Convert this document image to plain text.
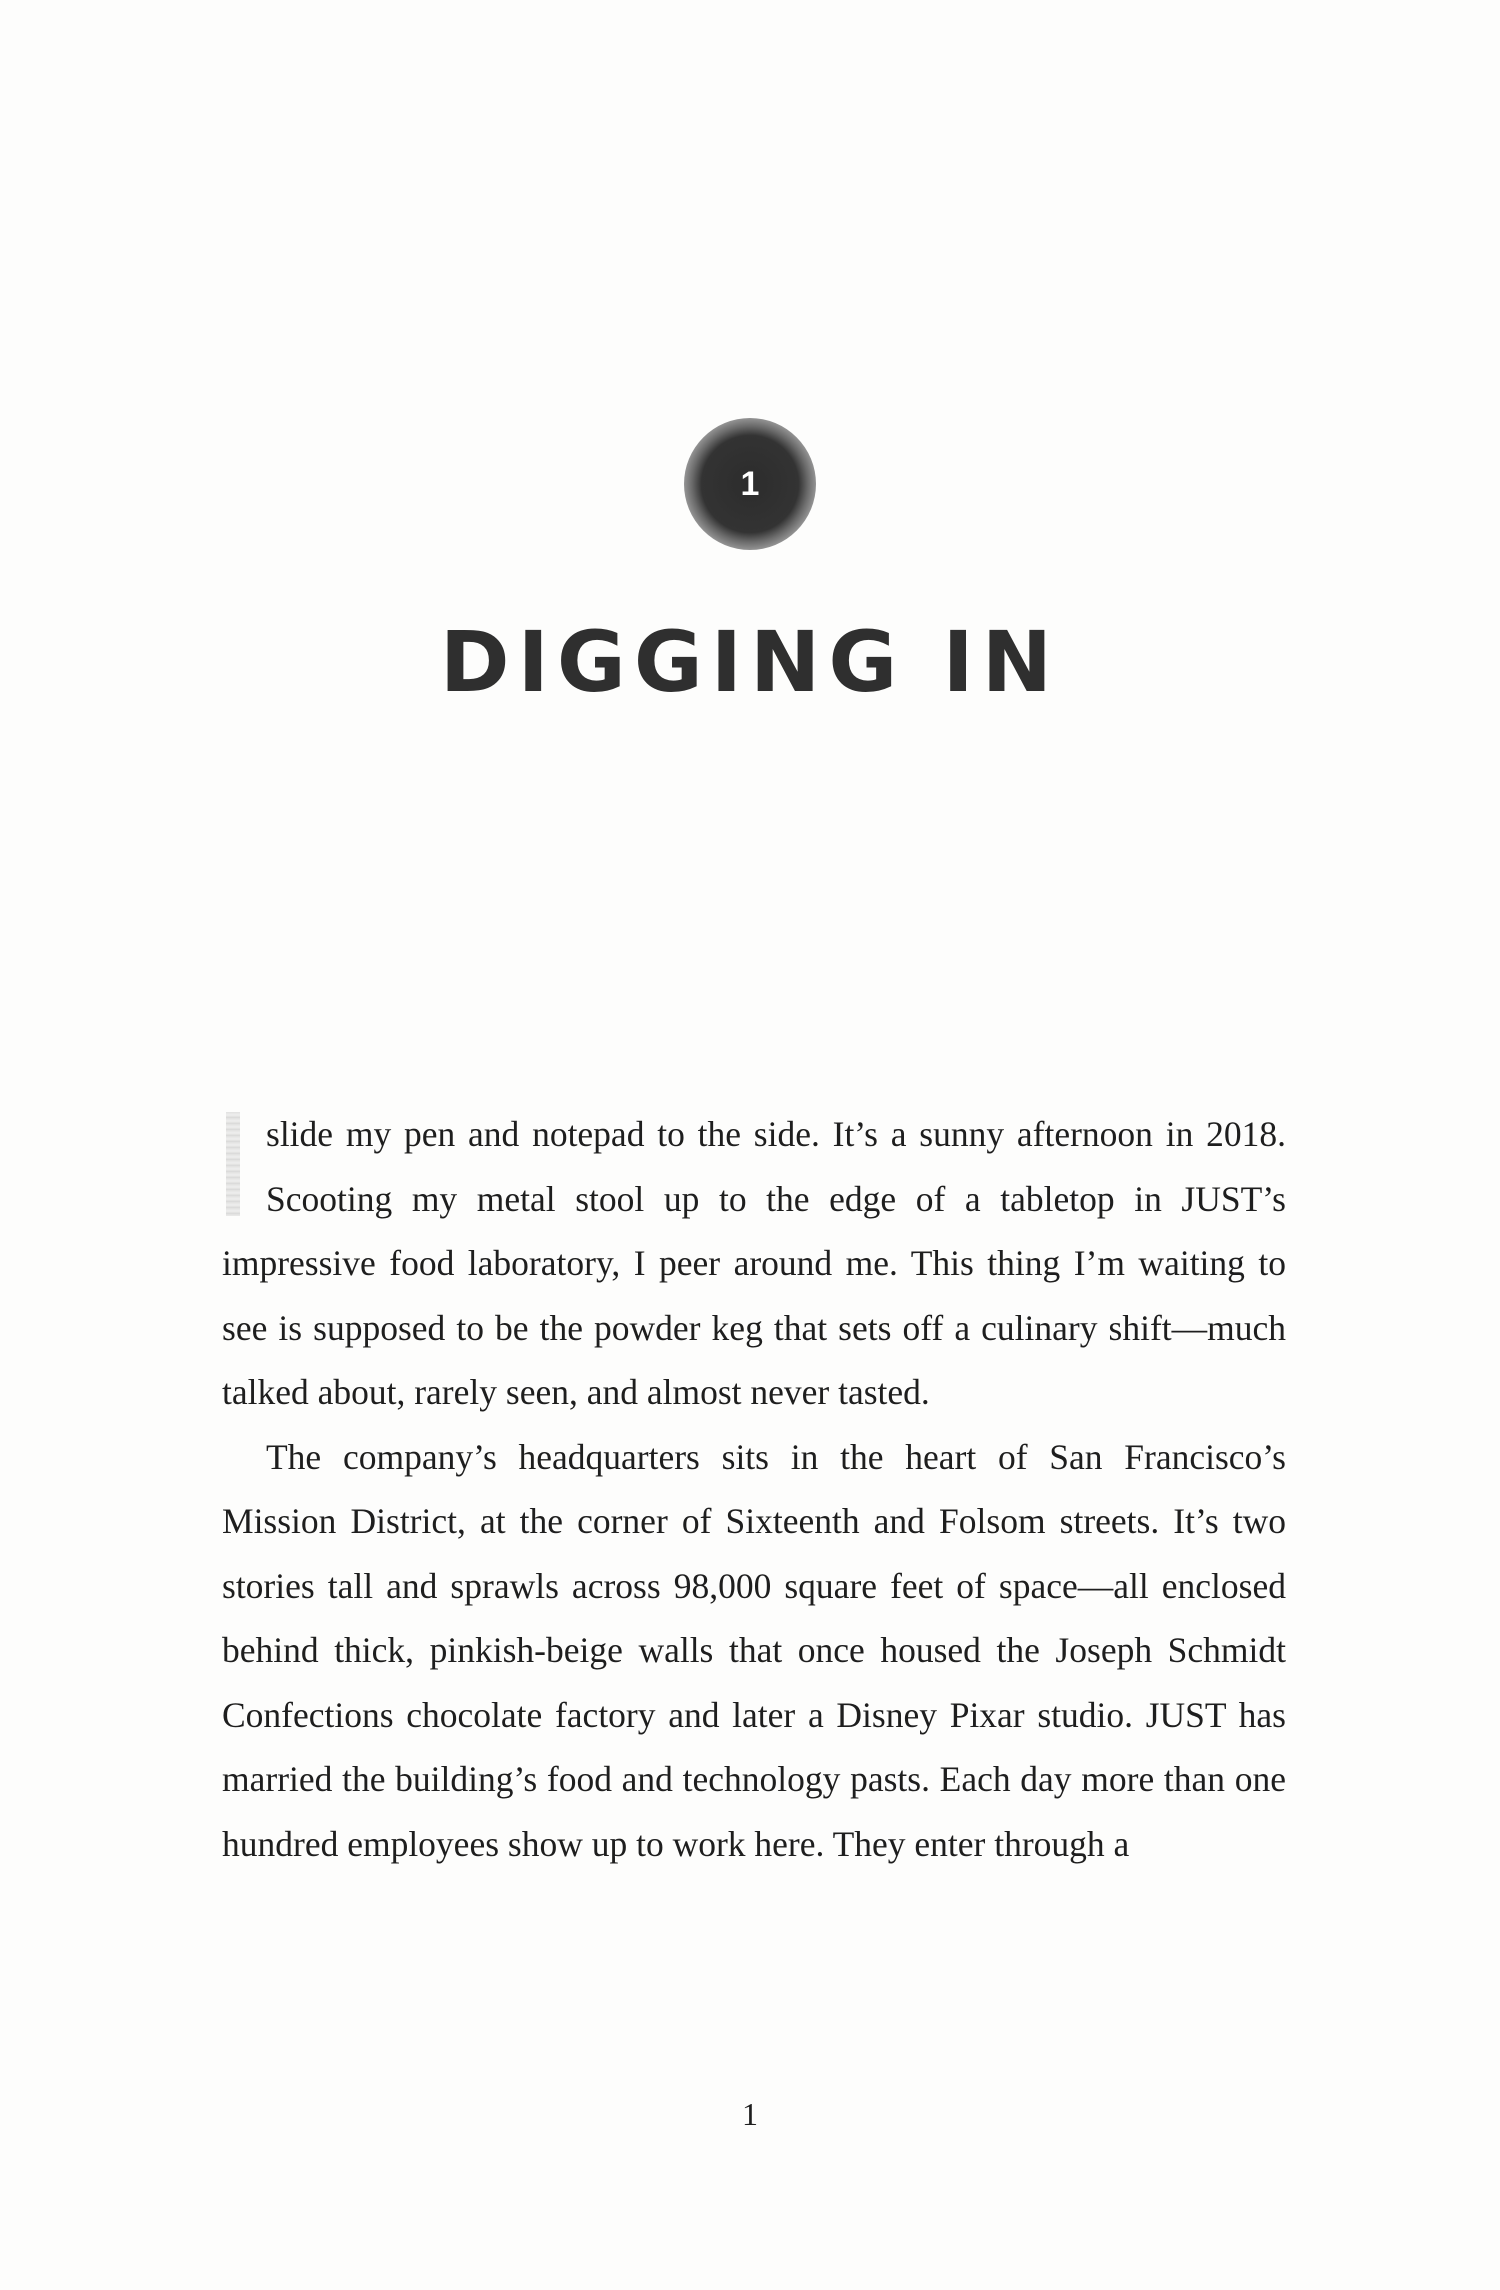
1
DIGGING IN

slide my pen and notepad to the side. It’s a sunny afternoon in 2018. Scooting my metal stool up to the edge of a tabletop in JUST’s impressive food laboratory, I peer around me. This thing I’m waiting to see is supposed to be the powder keg that sets off a culinary shift—much talked about, rarely seen, and almost never tasted.

The company’s headquarters sits in the heart of San Francisco’s Mission District, at the corner of Sixteenth and Folsom streets. It’s two stories tall and sprawls across 98,000 square feet of space—all enclosed behind thick, pinkish-beige walls that once housed the Joseph Schmidt Confections chocolate factory and later a Disney Pixar studio. JUST has married the building’s food and technology pasts. Each day more than one hundred employees show up to work here. They enter through a

1
